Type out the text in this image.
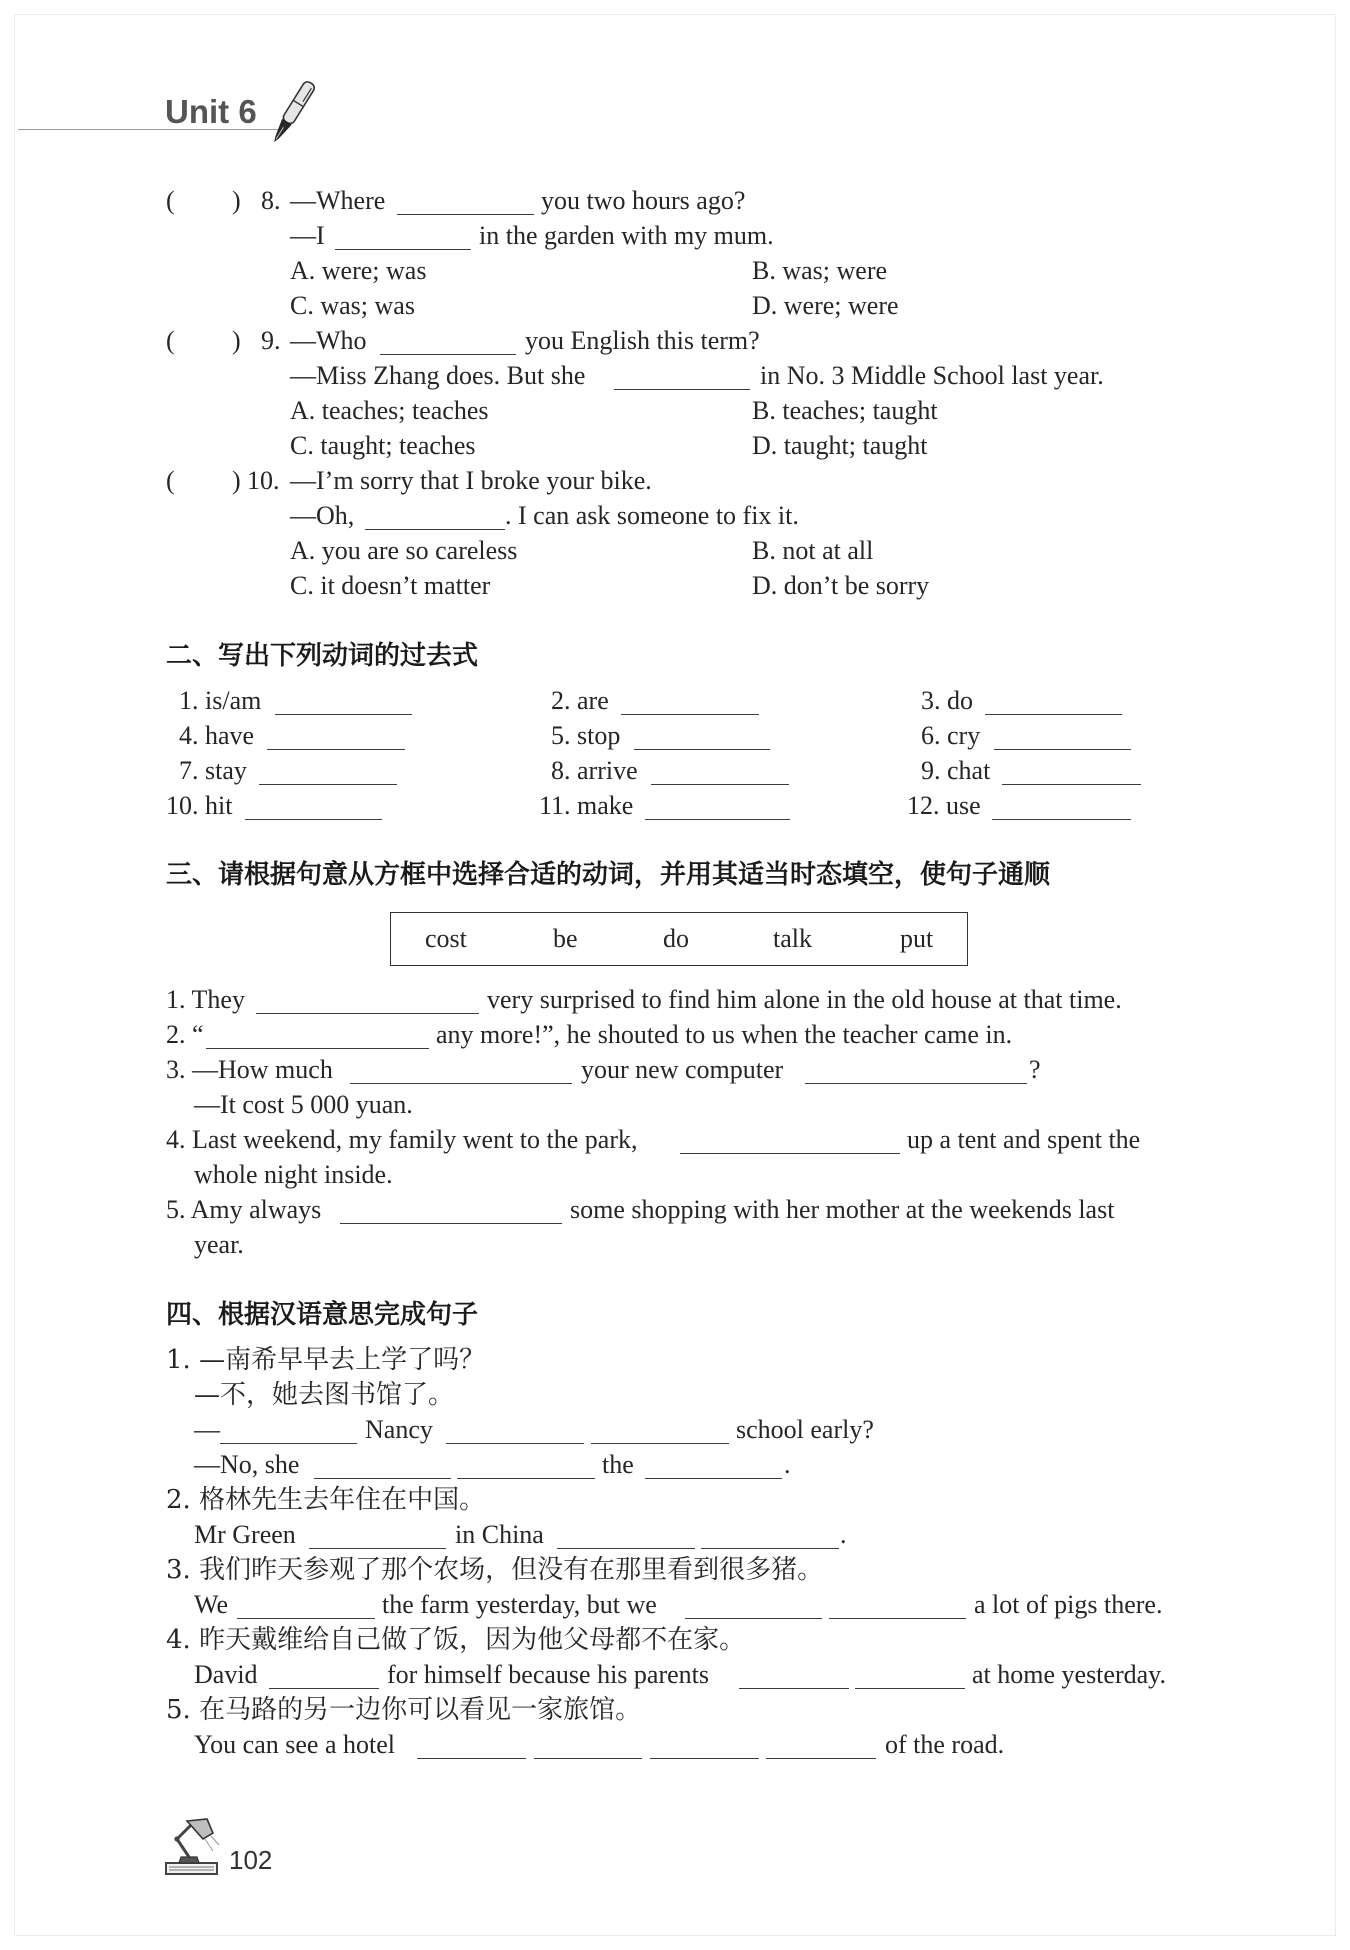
Unit 6
( ) 8. —Where	you two hours ago?
—I	in the garden with my mum.
A. were; was	B. was; were
C. was; was	D. were; were
( ) 9. —Who	you English this term?
—Miss Zhang does. But she	in No. 3 Middle School last year.
A. teaches; teaches	B. teaches; taught
C. taught; teaches	D. taught; taught
( ) 10. —I’m sorry that I broke your bike.
—Oh,	. I can ask someone to fix it.
A. you are so careless	B. not at all
C. it doesn’t matter	D. don’t be sorry
二、写出下列动词的过去式
1. is/am	2. are	3. do
4. have	5. stop	6. cry
7. stay	8. arrive	9. chat
10. hit	11. make	12. use
三、请根据句意从方框中选择合适的动词，并用其适当时态填空，使句子通顺
cost	be	do	talk	put
1. They	very surprised to find him alone in the old house at that time.
2. “	any more!”, he shouted to us when the teacher came in.
3. —How much	your new computer	?
—It cost 5 000 yuan.
4. Last weekend, my family went to the park,	up a tent and spent the
whole night inside.
5. Amy always	some shopping with her mother at the weekends last
year.
四、根据汉语意思完成句子
1. —南希早早去上学了吗？
—不，她去图书馆了。
—	Nancy	school early?
—No, she	the	.
2. 格林先生去年住在中国。
Mr Green	in China	.
3. 我们昨天参观了那个农场，但没有在那里看到很多猪。
We	the farm yesterday, but we	a lot of pigs there.
4. 昨天戴维给自己做了饭，因为他父母都不在家。
David	for himself because his parents	at home yesterday.
5. 在马路的另一边你可以看见一家旅馆。
You can see a hotel	of the road.
102
